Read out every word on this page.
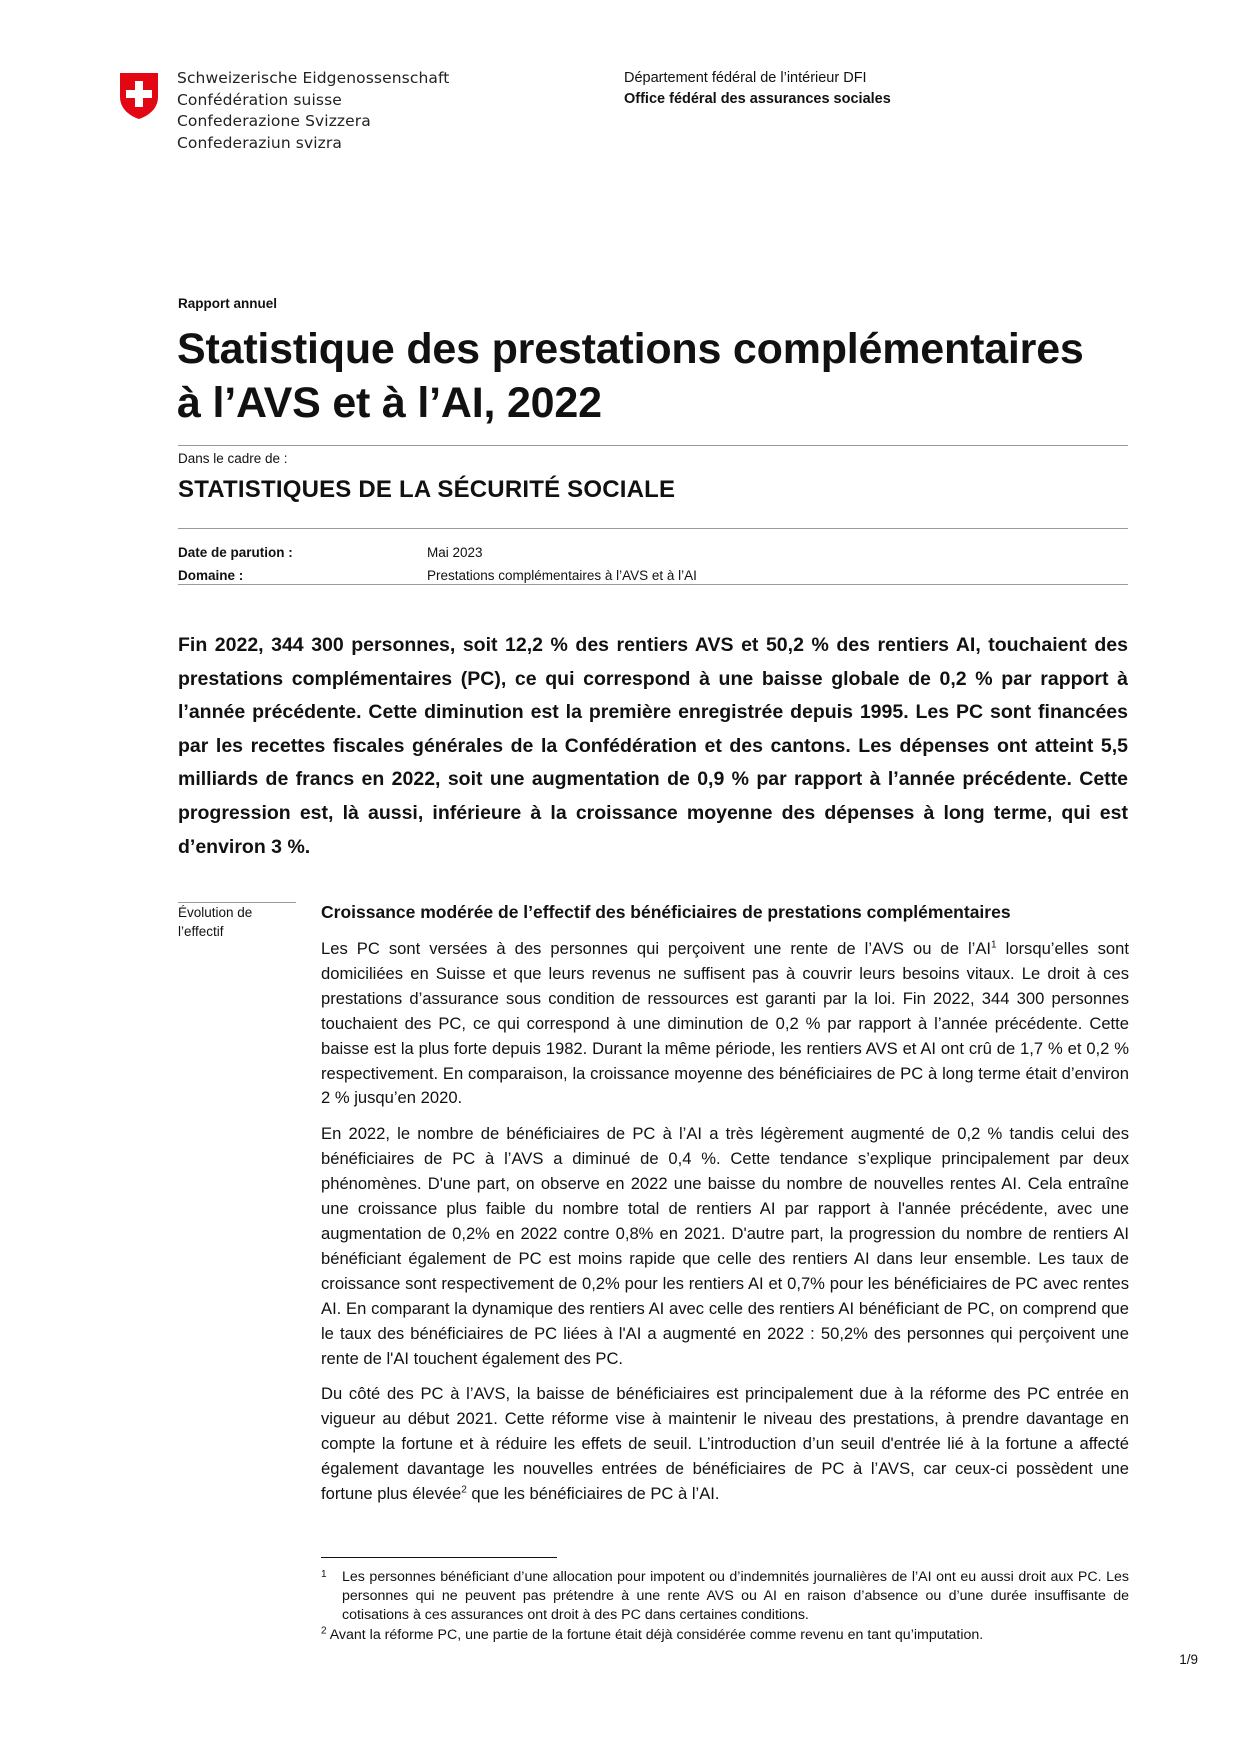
Schweizerische Eidgenossenschaft
Confédération suisse
Confederazione Svizzera
Confederaziun svizra
Département fédéral de l’intérieur DFI
Office fédéral des assurances sociales
Rapport annuel
Statistique des prestations complémentaires
à l’AVS et à l’AI, 2022
Dans le cadre de :
STATISTIQUES DE LA SÉCURITÉ SOCIALE
Date de parution :	Mai 2023
Domaine :	Prestations complémentaires à l’AVS et à l’AI

Fin 2022, 344 300 personnes, soit 12,2 % des rentiers AVS et 50,2 % des rentiers AI, touchaient des prestations complémentaires (PC), ce qui correspond à une baisse globale de 0,2 % par rapport à l’année précédente. Cette diminution est la première enregistrée depuis 1995. Les PC sont financées par les recettes fiscales générales de la Confédération et des cantons. Les dépenses ont atteint 5,5 milliards de francs en 2022, soit une augmentation de 0,9 % par rapport à l’année précédente. Cette progression est, là aussi, inférieure à la croissance moyenne des dépenses à long terme, qui est d’environ 3 %.

Évolution de l’effectif
Croissance modérée de l’effectif des bénéficiaires de prestations complémentaires

Les PC sont versées à des personnes qui perçoivent une rente de l’AVS ou de $l’AI^1$ lorsqu’elles sont domiciliées en Suisse et que leurs revenus ne suffisent pas à couvrir leurs besoins vitaux. Le droit à ces prestations d’assurance sous condition de ressources est garanti par la loi. Fin 2022, 344 300 personnes touchaient des PC, ce qui correspond à une diminution de 0,2 % par rapport à l’année précédente. Cette baisse est la plus forte depuis 1982. Durant la même période, les rentiers AVS et AI ont crû de 1,7 % et 0,2 % respectivement. En comparaison, la croissance moyenne des bénéficiaires de PC à long terme était d’environ 2 % jusqu’en 2020.

En 2022, le nombre de bénéficiaires de PC à l’AI a très légèrement augmenté de 0,2 % tandis celui des bénéficiaires de PC à l’AVS a diminué de 0,4 %. Cette tendance s’explique principalement par deux phénomènes. D'une part, on observe en 2022 une baisse du nombre de nouvelles rentes AI. Cela entraîne une croissance plus faible du nombre total de rentiers AI par rapport à l'année précédente, avec une augmentation de 0,2% en 2022 contre 0,8% en 2021. D'autre part, la progression du nombre de rentiers AI bénéficiant également de PC est moins rapide que celle des rentiers AI dans leur ensemble. Les taux de croissance sont respectivement de 0,2% pour les rentiers AI et 0,7% pour les bénéficiaires de PC avec rentes AI. En comparant la dynamique des rentiers AI avec celle des rentiers AI bénéficiant de PC, on comprend que le taux des bénéficiaires de PC liées à l'AI a augmenté en 2022 : 50,2% des personnes qui perçoivent une rente de l'AI touchent également des PC.

Du côté des PC à l’AVS, la baisse de bénéficiaires est principalement due à la réforme des PC entrée en vigueur au début 2021. Cette réforme vise à maintenir le niveau des prestations, à prendre davantage en compte la fortune et à réduire les effets de seuil. L’introduction d’un seuil d'entrée lié à la fortune a affecté également davantage les nouvelles entrées de bénéficiaires de PC à l’AVS, car ceux-ci possèdent une fortune plus élevée$^2$ que les bénéficiaires de PC à l’AI.

1 Les personnes bénéficiant d’une allocation pour impotent ou d’indemnités journalières de l’AI ont eu aussi droit aux PC. Les personnes qui ne peuvent pas prétendre à une rente AVS ou AI en raison d’absence ou d’une durée insuffisante de cotisations à ces assurances ont droit à des PC dans certaines conditions.
$^2$ Avant la réforme PC, une partie de la fortune était déjà considérée comme revenu en tant qu’imputation.
1/9
